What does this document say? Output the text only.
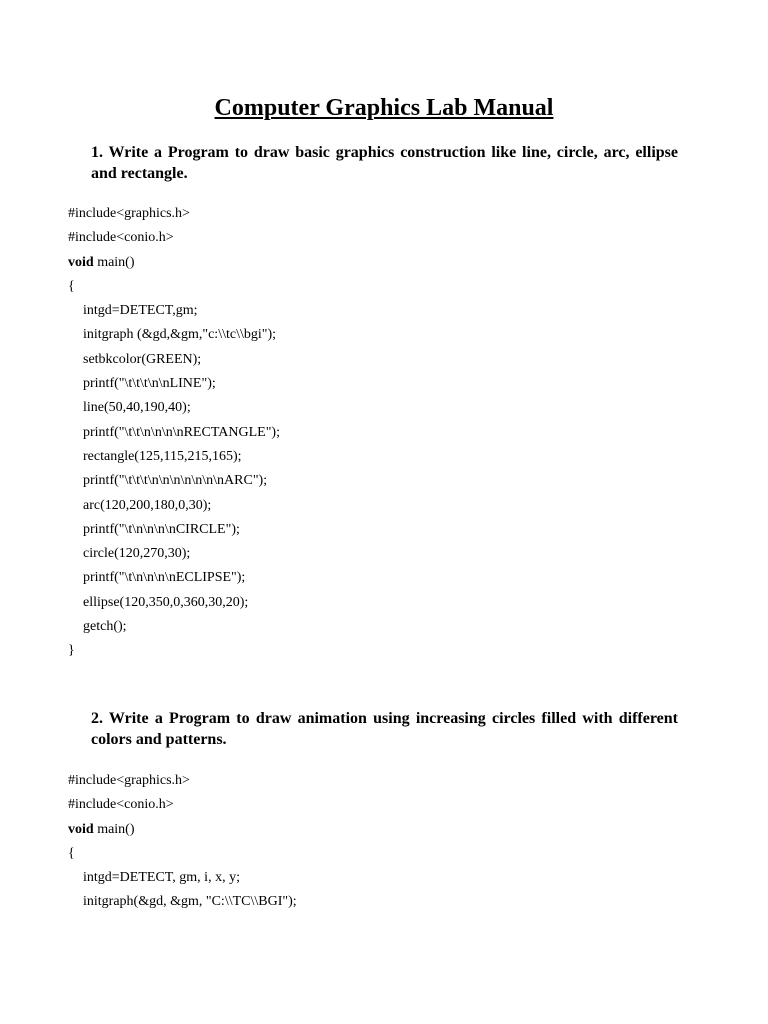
Computer Graphics Lab Manual
1. Write a Program to draw basic graphics construction like line, circle, arc, ellipse and rectangle.
#include<graphics.h>
#include<conio.h>
void main()
{
intgd=DETECT,gm;
initgraph (&gd,&gm,"c:\\tc\\bgi");
setbkcolor(GREEN);
printf("\t\t\t\n\nLINE");
line(50,40,190,40);
printf("\t\t\n\n\n\nRECTANGLE");
rectangle(125,115,215,165);
printf("\t\t\t\n\n\n\n\n\n\nARC");
arc(120,200,180,0,30);
printf("\t\n\n\n\nCIRCLE");
circle(120,270,30);
printf("\t\n\n\n\nECLIPSE");
ellipse(120,350,0,360,30,20);
getch();
}
2. Write a Program to draw animation using increasing circles filled with different colors and patterns.
#include<graphics.h>
#include<conio.h>
void main()
{
intgd=DETECT, gm, i, x, y;
initgraph(&gd, &gm, "C:\\TC\\BGI");
